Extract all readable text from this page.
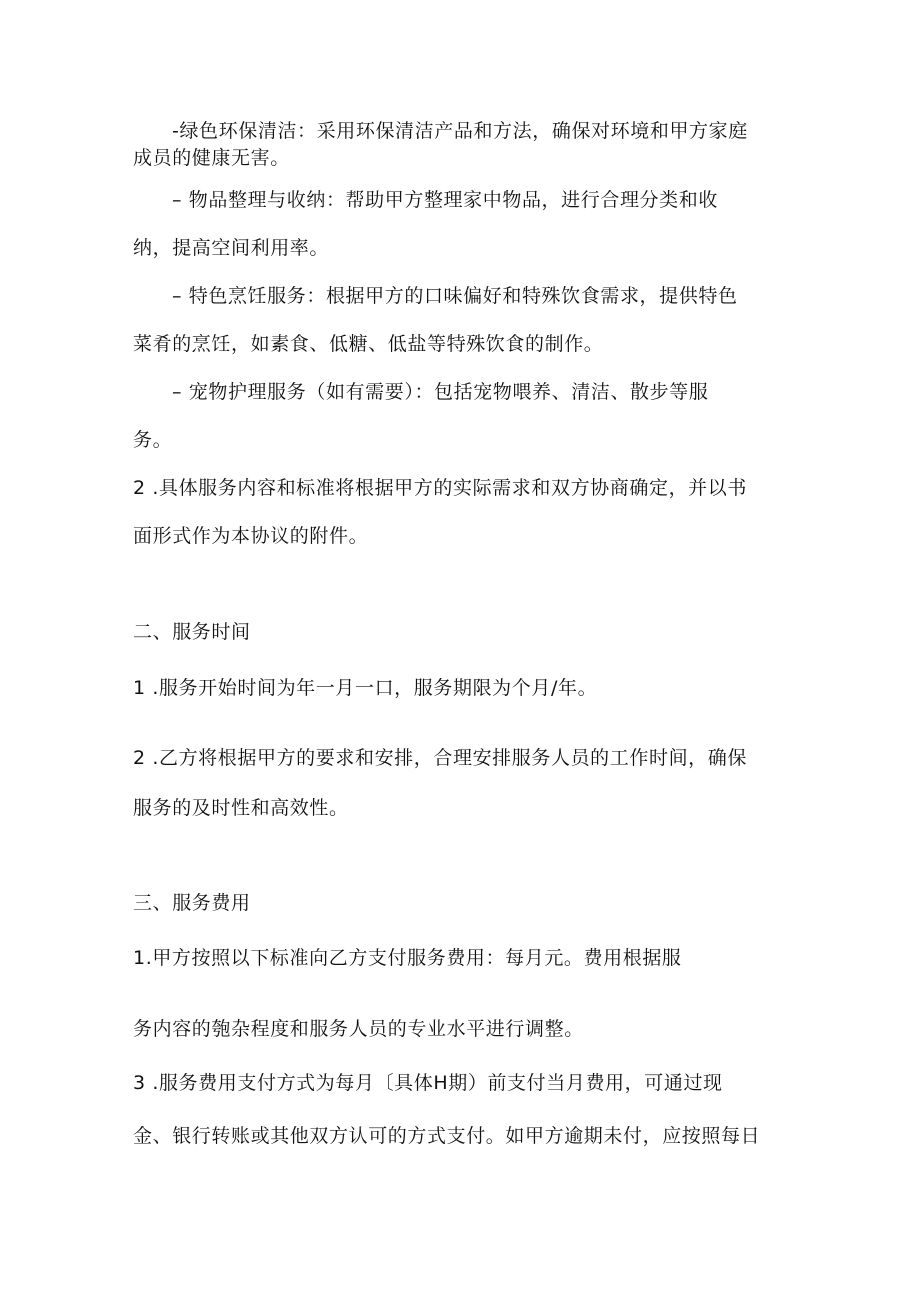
-绿色环保清洁：采用环保清洁产品和方法，确保对环境和甲方家庭
成员的健康无害。
– 物品整理与收纳：帮助甲方整理家中物品，进行合理分类和收
纳，提高空间利用率。
– 特色烹饪服务：根据甲方的口味偏好和特殊饮食需求，提供特色
菜肴的烹饪，如素食、低糖、低盐等特殊饮食的制作。
– 宠物护理服务（如有需要）：包括宠物喂养、清洁、散步等服
务。
2 .具体服务内容和标准将根据甲方的实际需求和双方协商确定，并以书
面形式作为本协议的附件。
二、服务时间
1 .服务开始时间为年一月一口，服务期限为个月/年。
2 .乙方将根据甲方的要求和安排，合理安排服务人员的工作时间，确保
服务的及时性和高效性。
三、服务费用
1.甲方按照以下标准向乙方支付服务费用：每月元。费用根据服
务内容的匏杂程度和服务人员的专业水平进行调整。
3 .服务费用支付方式为每月〔具体H期）前支付当月费用，可通过现
金、银行转账或其他双方认可的方式支付。如甲方逾期未付，应按照每日
